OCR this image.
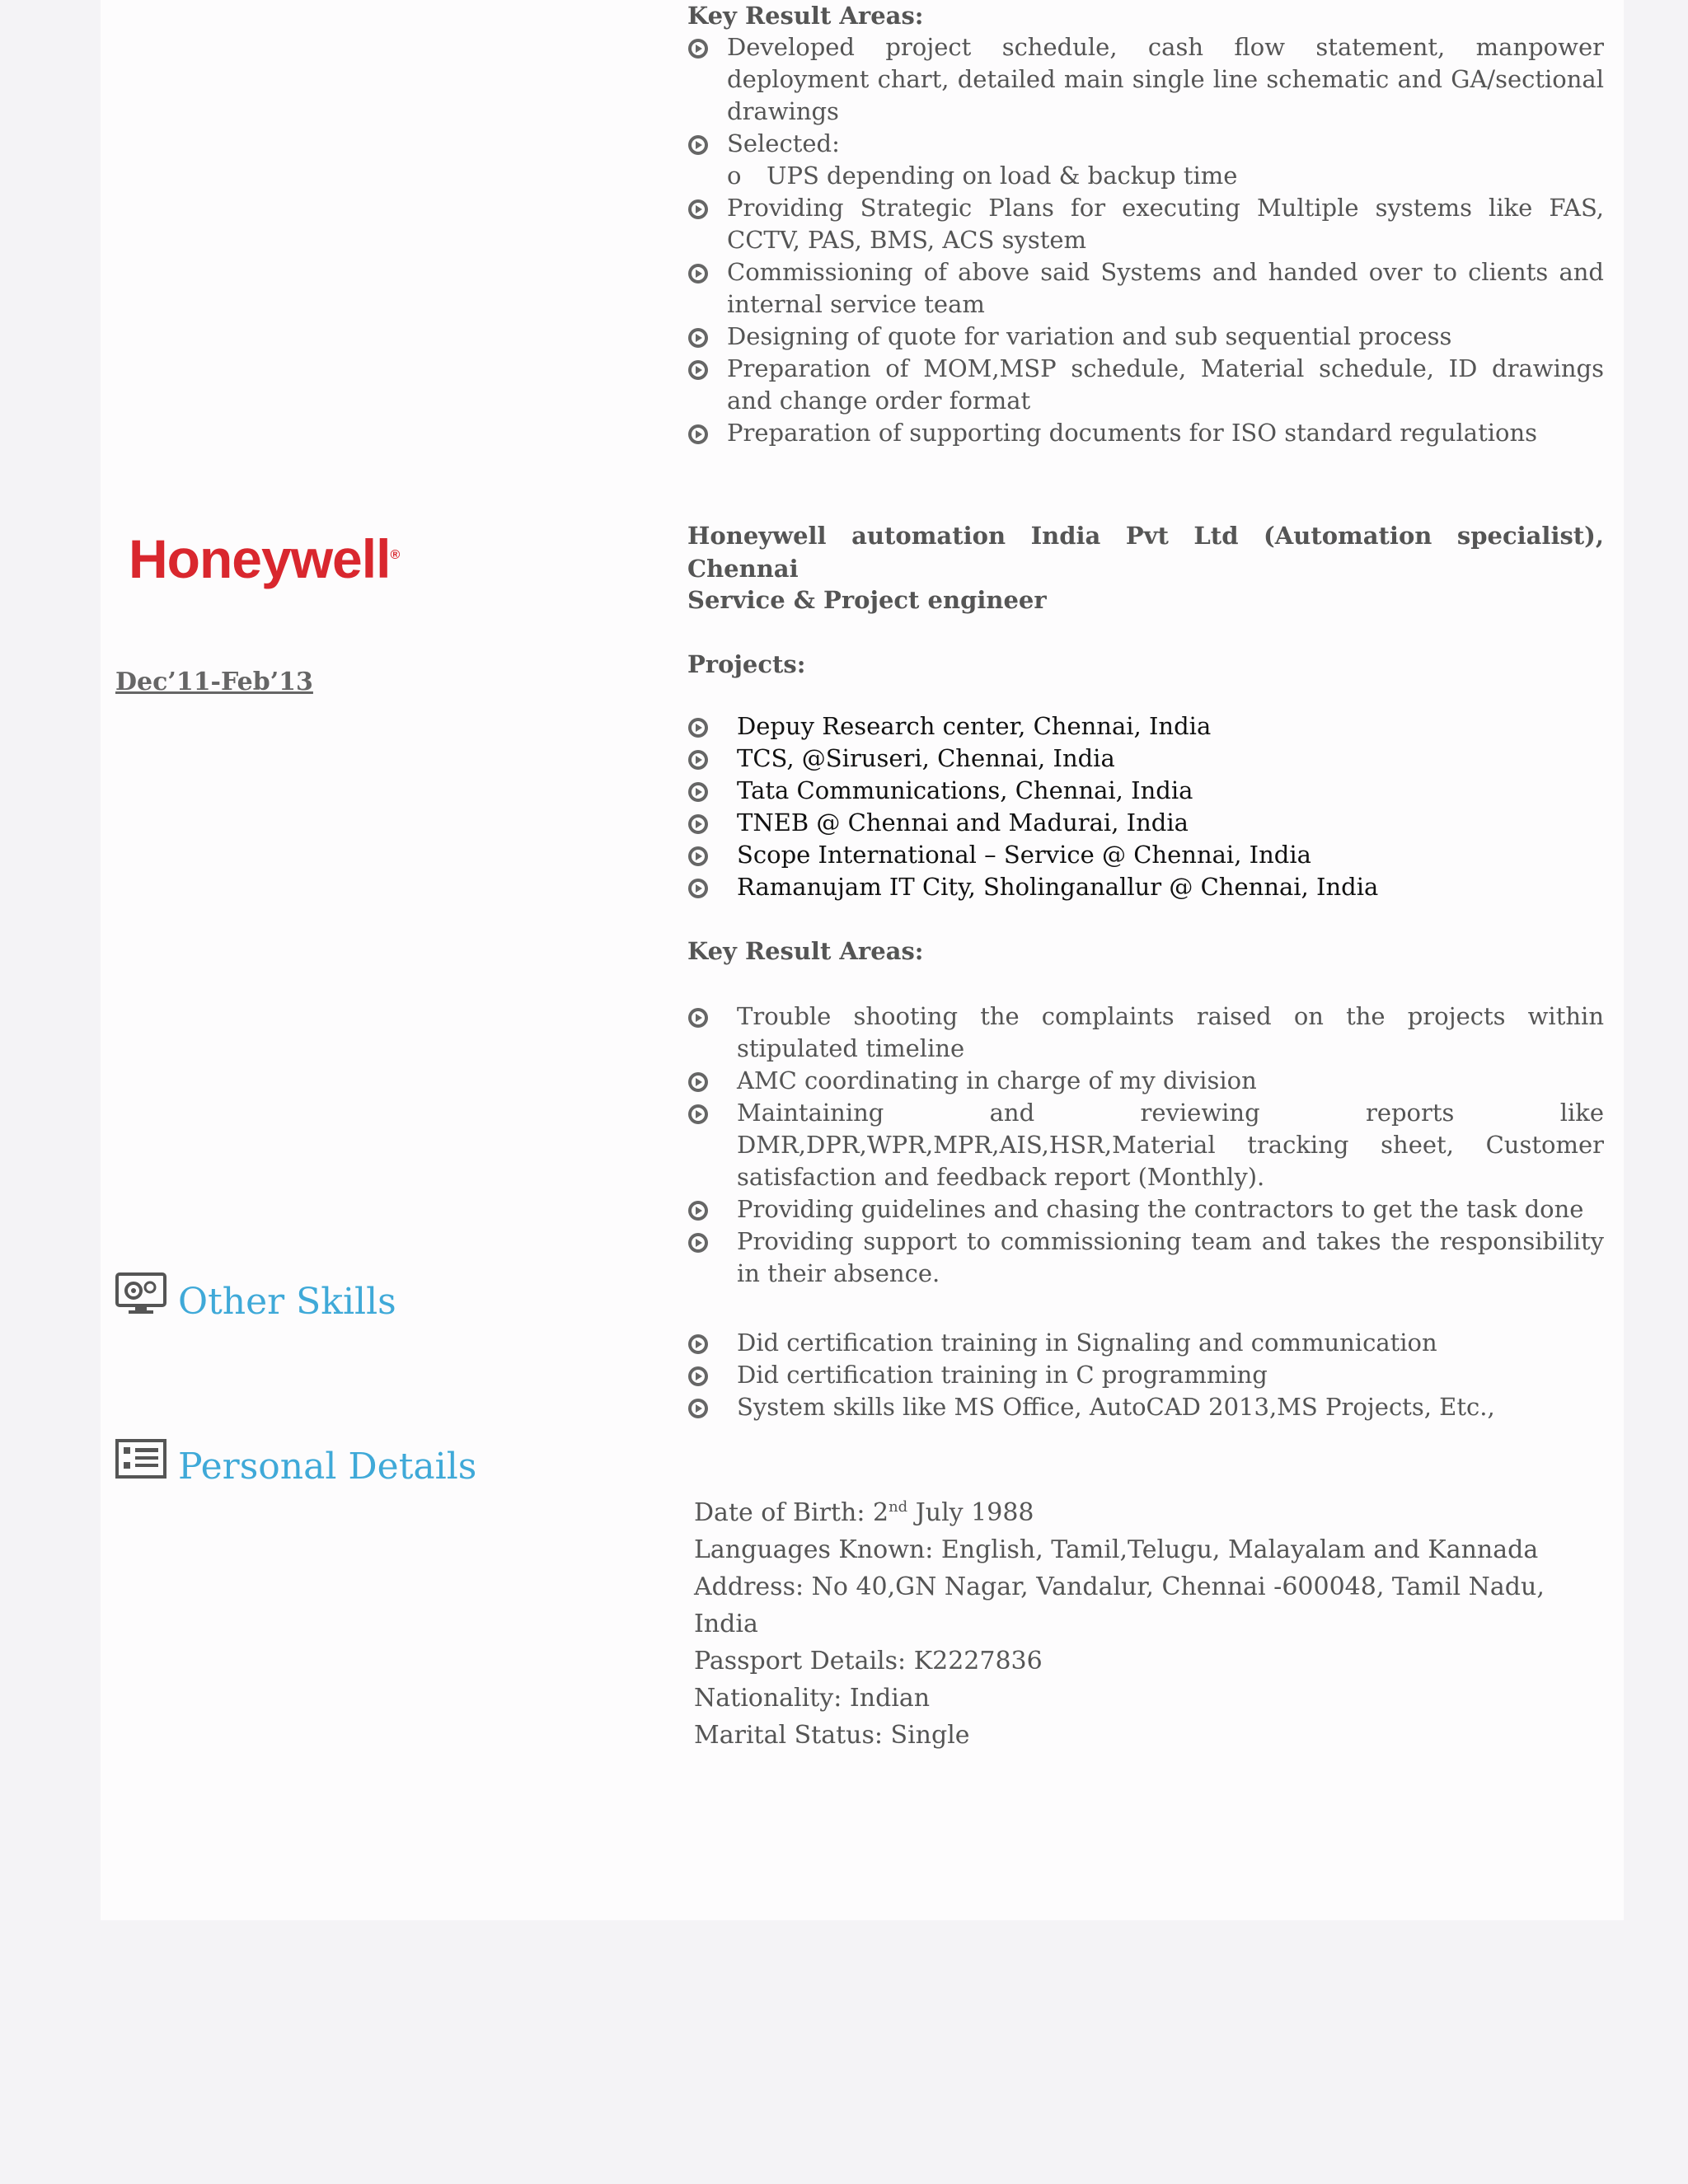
Key Result Areas:
Developed project schedule, cash flow statement, manpower deployment chart, detailed main single line schematic and GA/sectional drawings
Selected:
o UPS depending on load & backup time
Providing Strategic Plans for executing Multiple systems like FAS, CCTV, PAS, BMS, ACS system
Commissioning of above said Systems and handed over to clients and internal service team
Designing of quote for variation and sub sequential process
Preparation of MOM,MSP schedule, Material schedule, ID drawings and change order format
Preparation of supporting documents for ISO standard regulations
Honeywell®
Dec’11-Feb’13
Honeywell automation India Pvt Ltd (Automation specialist), Chennai
Service & Project engineer
Projects:
Depuy Research center, Chennai, India
TCS, @Siruseri, Chennai, India
Tata Communications, Chennai, India
TNEB @ Chennai and Madurai, India
Scope International – Service @ Chennai, India
Ramanujam IT City, Sholinganallur @ Chennai, India
Key Result Areas:
Trouble shooting the complaints raised on the projects within stipulated timeline
AMC coordinating in charge of my division
Maintaining and reviewing reports like DMR,DPR,WPR,MPR,AIS,HSR,Material tracking sheet, Customer satisfaction and feedback report (Monthly).
Providing guidelines and chasing the contractors to get the task done
Providing support to commissioning team and takes the responsibility in their absence.
Other Skills
Did certification training in Signaling and communication
Did certification training in C programming
System skills like MS Office, AutoCAD 2013,MS Projects, Etc.,
Personal Details
Date of Birth: 2nd July 1988
Languages Known: English, Tamil,Telugu, Malayalam and Kannada
Address: No 40,GN Nagar, Vandalur, Chennai -600048, Tamil Nadu, India
Passport Details: K2227836
Nationality: Indian
Marital Status: Single
